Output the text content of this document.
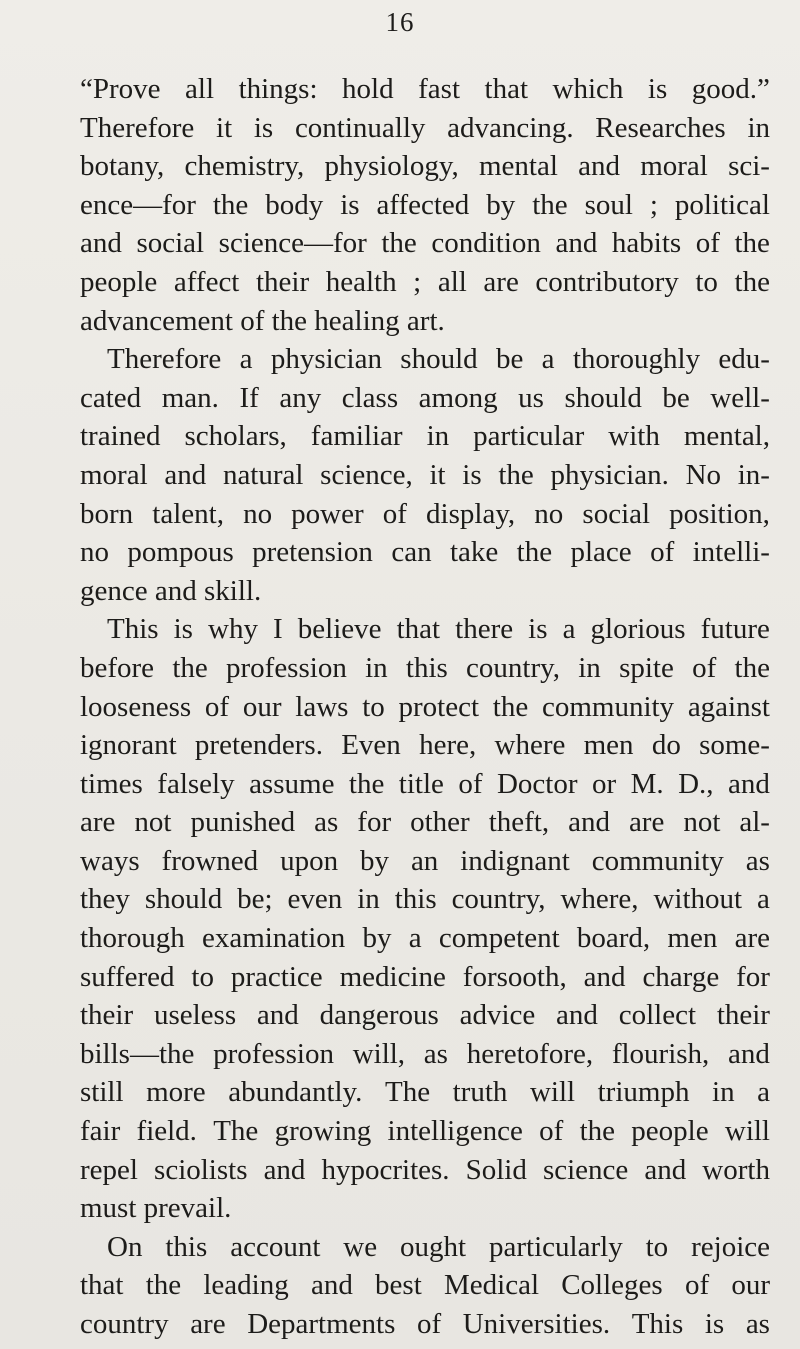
16
“Prove all things: hold fast that which is good.”
Therefore it is continually advancing. Researches in
botany, chemistry, physiology, mental and moral sci-
ence—for the body is affected by the soul ; political
and social science—for the condition and habits of the
people affect their health ; all are contributory to the
advancement of the healing art.
Therefore a physician should be a thoroughly edu-
cated man. If any class among us should be well-
trained scholars, familiar in particular with mental,
moral and natural science, it is the physician. No in-
born talent, no power of display, no social position,
no pompous pretension can take the place of intelli-
gence and skill.
This is why I believe that there is a glorious future
before the profession in this country, in spite of the
looseness of our laws to protect the community against
ignorant pretenders. Even here, where men do some-
times falsely assume the title of Doctor or M. D., and
are not punished as for other theft, and are not al-
ways frowned upon by an indignant community as
they should be; even in this country, where, without a
thorough examination by a competent board, men are
suffered to practice medicine forsooth, and charge for
their useless and dangerous advice and collect their
bills—the profession will, as heretofore, flourish, and
still more abundantly. The truth will triumph in a
fair field. The growing intelligence of the people will
repel sciolists and hypocrites. Solid science and worth
must prevail.
On this account we ought particularly to rejoice
that the leading and best Medical Colleges of our
country are Departments of Universities. This is as
